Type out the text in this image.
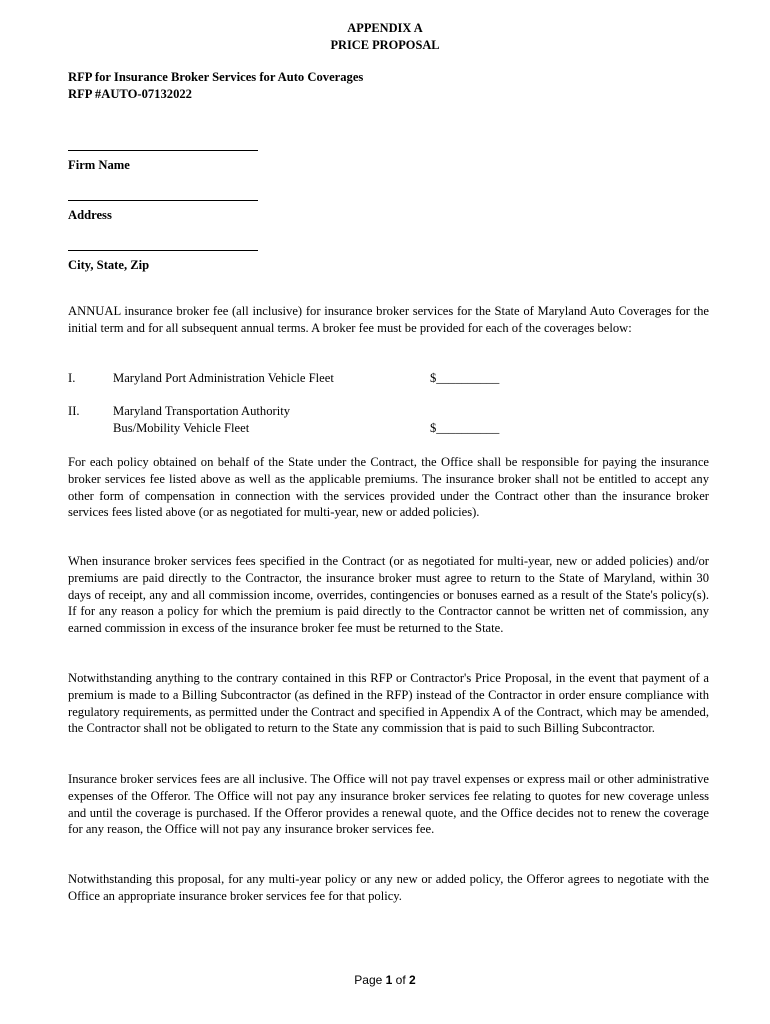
APPENDIX A
PRICE PROPOSAL
RFP for Insurance Broker Services for Auto Coverages
RFP #AUTO-07132022
Firm Name
Address
City, State, Zip

ANNUAL insurance broker fee (all inclusive) for insurance broker services for the State of Maryland Auto Coverages for the initial term and for all subsequent annual terms. A broker fee must be provided for each of the coverages below:

I.	Maryland Port Administration Vehicle Fleet	$__________
II.	Maryland Transportation Authority
Bus/Mobility Vehicle Fleet	$__________

For each policy obtained on behalf of the State under the Contract, the Office shall be responsible for paying the insurance broker services fee listed above as well as the applicable premiums. The insurance broker shall not be entitled to accept any other form of compensation in connection with the services provided under the Contract other than the insurance broker services fees listed above (or as negotiated for multi-year, new or added policies).

When insurance broker services fees specified in the Contract (or as negotiated for multi-year, new or added policies) and/or premiums are paid directly to the Contractor, the insurance broker must agree to return to the State of Maryland, within 30 days of receipt, any and all commission income, overrides, contingencies or bonuses earned as a result of the State's policy(s). If for any reason a policy for which the premium is paid directly to the Contractor cannot be written net of commission, any earned commission in excess of the insurance broker fee must be returned to the State.

Notwithstanding anything to the contrary contained in this RFP or Contractor's Price Proposal, in the event that payment of a premium is made to a Billing Subcontractor (as defined in the RFP) instead of the Contractor in order ensure compliance with regulatory requirements, as permitted under the Contract and specified in Appendix A of the Contract, which may be amended, the Contractor shall not be obligated to return to the State any commission that is paid to such Billing Subcontractor.

Insurance broker services fees are all inclusive. The Office will not pay travel expenses or express mail or other administrative expenses of the Offeror. The Office will not pay any insurance broker services fee relating to quotes for new coverage unless and until the coverage is purchased. If the Offeror provides a renewal quote, and the Office decides not to renew the coverage for any reason, the Office will not pay any insurance broker services fee.

Notwithstanding this proposal, for any multi-year policy or any new or added policy, the Offeror agrees to negotiate with the Office an appropriate insurance broker services fee for that policy.

Page 1 of 2
